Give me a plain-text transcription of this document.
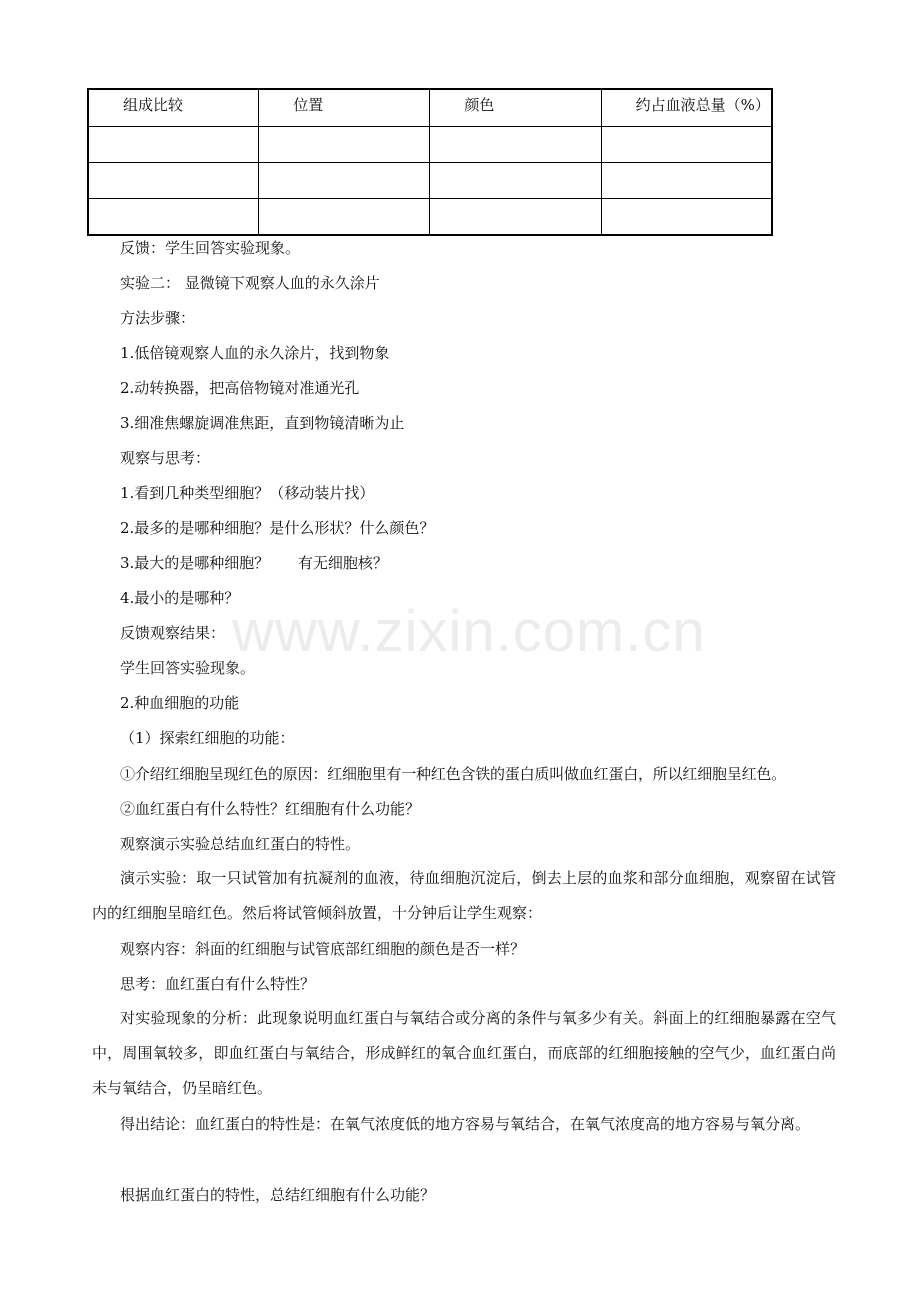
组成比较	位置	颜色	约占血液总量（%）

反馈：学生回答实验现象。
实验二： 显微镜下观察人血的永久涂片
方法步骤：
1.低倍镜观察人血的永久涂片，找到物象
2.动转换器，把高倍物镜对准通光孔
3.细准焦螺旋调准焦距，直到物镜清晰为止
观察与思考：
1.看到几种类型细胞？（移动装片找）
2.最多的是哪种细胞？是什么形状？什么颜色？
3.最大的是哪种细胞？      有无细胞核？
4.最小的是哪种？
反馈观察结果：
学生回答实验现象。
2.种血细胞的功能
（1）探索红细胞的功能：
①介绍红细胞呈现红色的原因：红细胞里有一种红色含铁的蛋白质叫做血红蛋白，所以红细胞呈红色。
②血红蛋白有什么特性？红细胞有什么功能？
观察演示实验总结血红蛋白的特性。
演示实验：取一只试管加有抗凝剂的血液，待血细胞沉淀后，倒去上层的血浆和部分血细胞，观察留在试管内的红细胞呈暗红色。然后将试管倾斜放置，十分钟后让学生观察：
观察内容：斜面的红细胞与试管底部红细胞的颜色是否一样？
思考：血红蛋白有什么特性？
对实验现象的分析：此现象说明血红蛋白与氧结合或分离的条件与氧多少有关。斜面上的红细胞暴露在空气中，周围氧较多，即血红蛋白与氧结合，形成鲜红的氧合血红蛋白，而底部的红细胞接触的空气少，血红蛋白尚未与氧结合，仍呈暗红色。
得出结论：血红蛋白的特性是：在氧气浓度低的地方容易与氧结合，在氧气浓度高的地方容易与氧分离。
根据血红蛋白的特性，总结红细胞有什么功能？
www.zixin.com.cn
